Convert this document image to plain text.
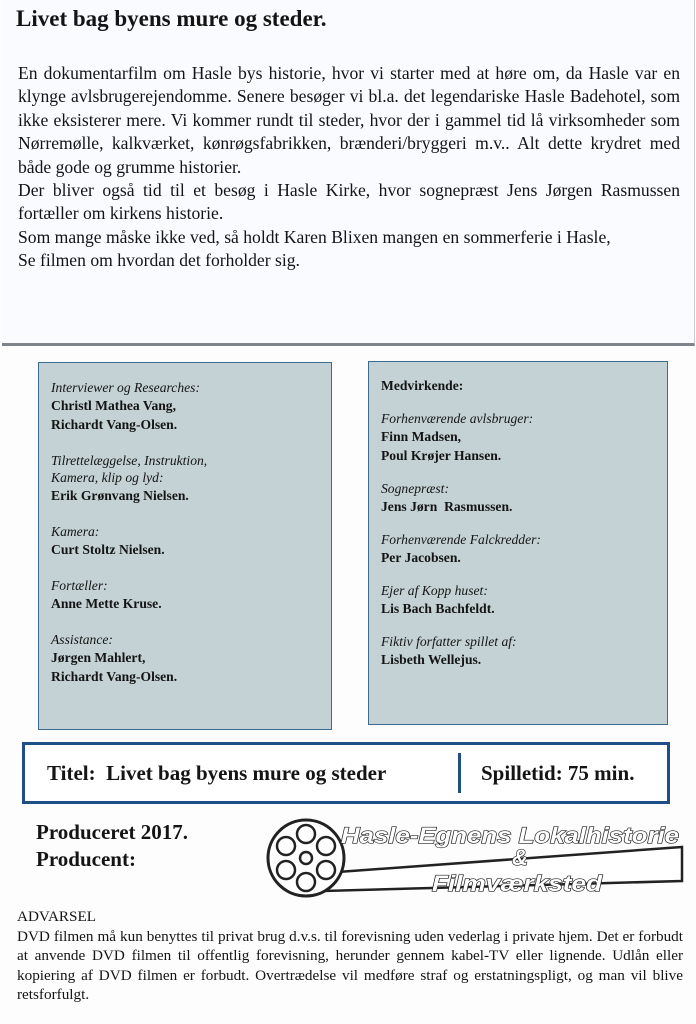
Livet bag byens mure og steder.

En dokumentarfilm om Hasle bys historie, hvor vi starter med at høre om, da Hasle var en klynge avlsbrugerejendomme. Senere besøger vi bl.a. det legendariske Hasle Badehotel, som ikke eksisterer mere. Vi kommer rundt til steder, hvor der i gammel tid lå virksomheder som Nørremølle, kalkværket, kønrøgsfabrikken, brænderi/bryggeri m.v.. Alt dette krydret med både gode og grumme historier.

Der bliver også tid til et besøg i Hasle Kirke, hvor sognepræst Jens Jørgen Rasmussen fortæller om kirkens historie.

Som mange måske ikke ved, så holdt Karen Blixen mangen en sommerferie i Hasle,

Se filmen om hvordan det forholder sig.

Interviewer og Researches:
Christl Mathea Vang,
Richardt Vang-Olsen.
Tilrettelæggelse, Instruktion, Kamera, klip og lyd:
Erik Grønvang Nielsen.
Kamera:
Curt Stoltz Nielsen.
Fortæller:
Anne Mette Kruse.
Assistance:
Jørgen Mahlert,
Richardt Vang-Olsen.
Medvirkende:
Forhenværende avlsbruger:
Finn Madsen,
Poul Krøjer Hansen.
Sognepræst:
Jens Jørn  Rasmussen.
Forhenværende Falckredder:
Per Jacobsen.
Ejer af Kopp huset:
Lis Bach Bachfeldt.
Fiktiv forfatter spillet af:
Lisbeth Wellejus.
Titel:  Livet bag byens mure og steder	Spilletid: 75 min.
Produceret 2017.
Producent:
Hasle-Egnens Lokalhistorie
&
Filmværksted

ADVARSEL

DVD filmen må kun benyttes til privat brug d.v.s. til forevisning uden vederlag i private hjem. Det er forbudt at anvende DVD filmen til offentlig forevisning, herunder gennem kabel-TV eller lignende. Udlån eller kopiering af DVD filmen er forbudt. Overtrædelse vil medføre straf og erstatningspligt, og man vil blive retsforfulgt.
